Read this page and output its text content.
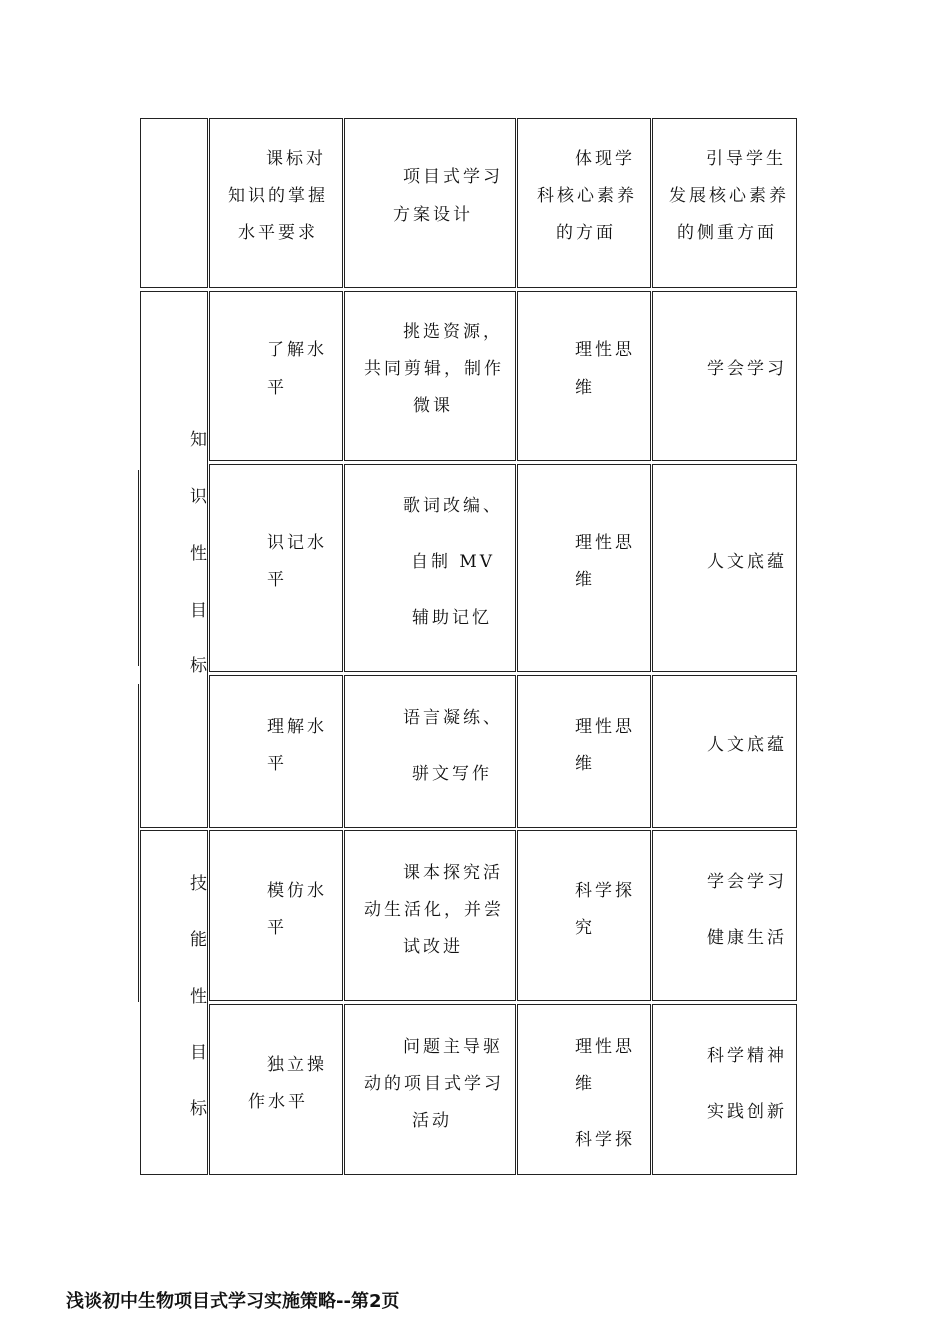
课标对
知识的掌握
水平要求
项目式学习
方案设计
体现学
科核心素养
的方面
引导学生
发展核心素养
的侧重方面
知
识
性
目
标
了解水
平
挑选资源，
共同剪辑，制作
微课
理性思
维
学会学习
识记水
平
歌词改编、
自制 MV
辅助记忆
理性思
维
人文底蕴
理解水
平
语言凝练、
骈文写作
理性思
维
人文底蕴
技
能
性
目
标
模仿水
平
课本探究活
动生活化，并尝
试改进
科学探
究
学会学习
健康生活
独立操
作水平
问题主导驱
动的项目式学习
活动
理性思
维
科学探
科学精神
实践创新
浅谈初中生物项目式学习实施策略--第2页
